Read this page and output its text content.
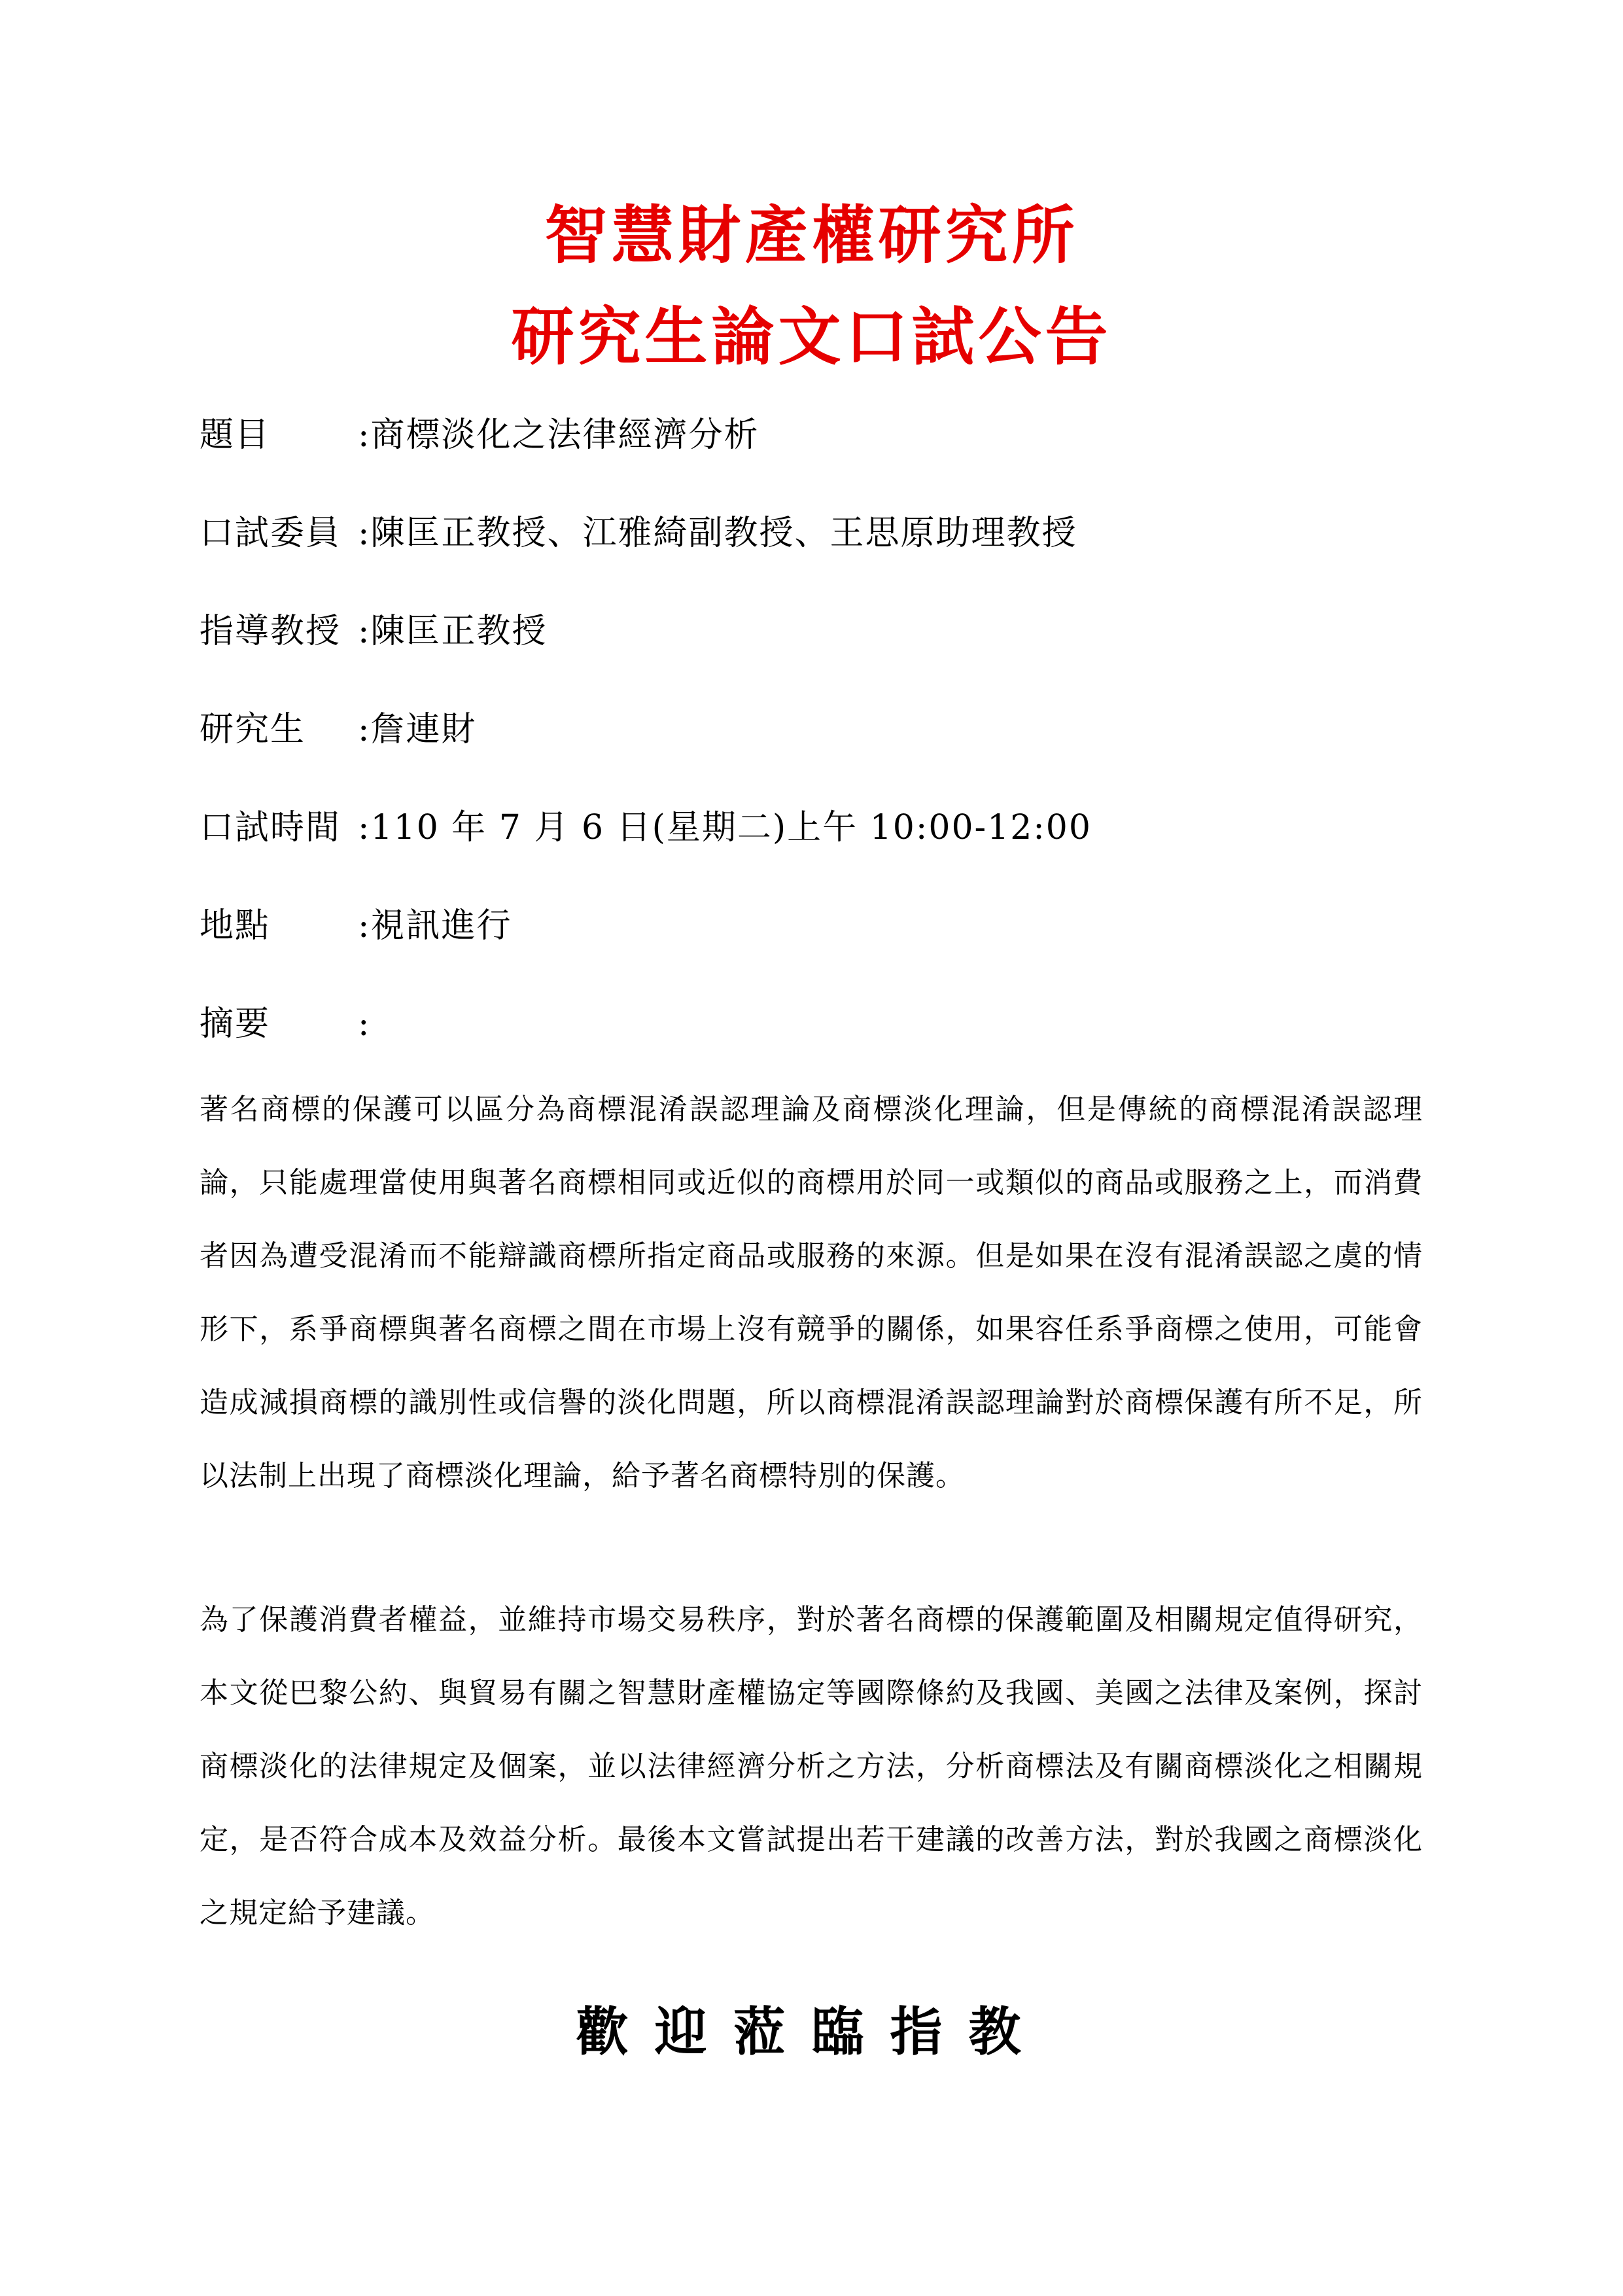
智慧財產權研究所
研究生論文口試公告
題目	:商標淡化之法律經濟分析
口試委員 :陳匡正教授、江雅綺副教授、王思原助理教授
指導教授 :陳匡正教授
研究生 :詹連財
口試時間 :110 年 7 月 6 日(星期二)上午 10:00-12:00
地點	:視訊進行
摘要	:

著名商標的保護可以區分為商標混淆誤認理論及商標淡化理論，但是傳統的商標混淆誤認理論，只能處理當使用與著名商標相同或近似的商標用於同一或類似的商品或服務之上，而消費者因為遭受混淆而不能辯識商標所指定商品或服務的來源。但是如果在沒有混淆誤認之虞的情形下，系爭商標與著名商標之間在市場上沒有競爭的關係，如果容任系爭商標之使用，可能會造成減損商標的識別性或信譽的淡化問題，所以商標混淆誤認理論對於商標保護有所不足，所以法制上出現了商標淡化理論，給予著名商標特別的保護。

為了保護消費者權益，並維持市場交易秩序，對於著名商標的保護範圍及相關規定值得研究，本文從巴黎公約、與貿易有關之智慧財產權協定等國際條約及我國、美國之法律及案例，探討商標淡化的法律規定及個案，並以法律經濟分析之方法，分析商標法及有關商標淡化之相關規定，是否符合成本及效益分析。最後本文嘗試提出若干建議的改善方法，對於我國之商標淡化之規定給予建議。

歡迎蒞臨指教
